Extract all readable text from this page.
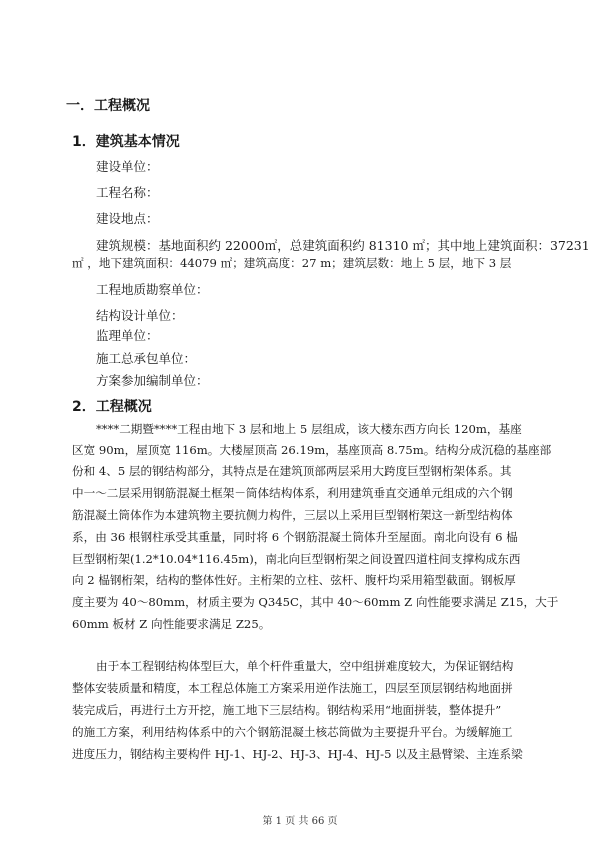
一．工程概况
1．建筑基本情况
建设单位：
工程名称：
建设地点：
建筑规模：基地面积约 22000㎡，总建筑面积约 81310 ㎡；其中地上建筑面积：37231
㎡ ，地下建筑面积：44079 ㎡；建筑高度：27 m；建筑层数：地上 5 层，地下 3 层
工程地质勘察单位：
结构设计单位：
监理单位：
施工总承包单位：
方案参加编制单位：
2．工程概况
****二期暨****工程由地下 3 层和地上 5 层组成，该大楼东西方向长 120m，基座
区宽 90m，屋顶宽 116m。大楼屋顶高 26.19m，基座顶高 8.75m。结构分成沉稳的基座部
份和 4、5 层的钢结构部分，其特点是在建筑顶部两层采用大跨度巨型钢桁架体系。其
中一～二层采用钢筋混凝土框架－筒体结构体系，利用建筑垂直交通单元组成的六个钢
筋混凝土筒体作为本建筑物主要抗侧力构件，三层以上采用巨型钢桁架这一新型结构体
系，由 36 根钢柱承受其重量，同时将 6 个钢筋混凝土筒体升至屋面。南北向设有 6 榀
巨型钢桁架(1.2*10.04*116.45m)，南北向巨型钢桁架之间设置四道柱间支撑构成东西
向 2 榀钢桁架，结构的整体性好。主桁架的立柱、弦杆、腹杆均采用箱型截面。钢板厚
度主要为 40～80mm，材质主要为 Q345C，其中 40～60mm Z 向性能要求满足 Z15，大于
60mm 板材 Z 向性能要求满足 Z25。
由于本工程钢结构体型巨大，单个杆件重量大，空中组拼难度较大，为保证钢结构
整体安装质量和精度，本工程总体施工方案采用逆作法施工，四层至顶层钢结构地面拼
装完成后，再进行土方开挖，施工地下三层结构。钢结构采用“地面拼装，整体提升”
的施工方案，利用结构体系中的六个钢筋混凝土核芯筒做为主要提升平台。为缓解施工
进度压力，钢结构主要构件 HJ-1、HJ-2、HJ-3、HJ-4、HJ-5 以及主悬臂梁、主连系梁
第 1 页 共 66 页
